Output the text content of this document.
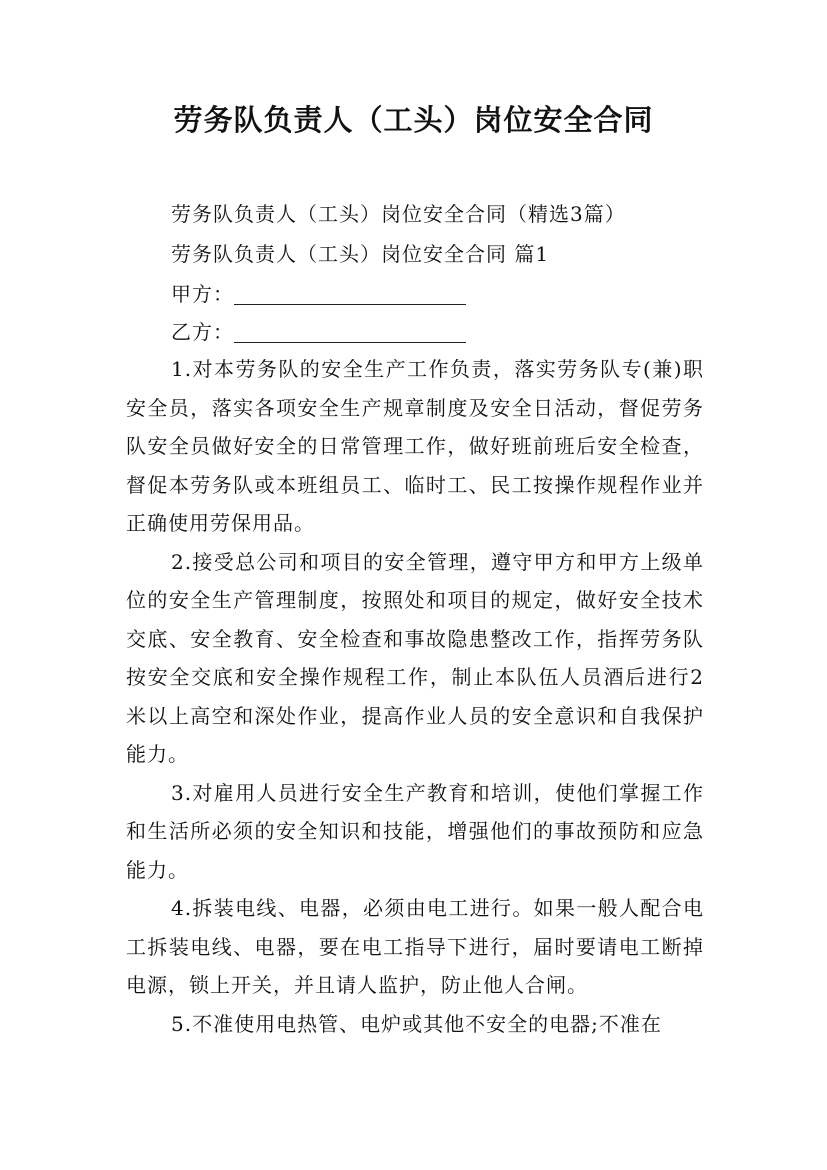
劳务队负责人（工头）岗位安全合同
劳务队负责人（工头）岗位安全合同（精选3篇）
劳务队负责人（工头）岗位安全合同 篇1
甲方：
乙方：

1.对本劳务队的安全生产工作负责，落实劳务队专(兼)职安全员，落实各项安全生产规章制度及安全日活动，督促劳务队安全员做好安全的日常管理工作，做好班前班后安全检查，督促本劳务队或本班组员工、临时工、民工按操作规程作业并正确使用劳保用品。

2.接受总公司和项目的安全管理，遵守甲方和甲方上级单位的安全生产管理制度，按照处和项目的规定，做好安全技术交底、安全教育、安全检查和事故隐患整改工作，指挥劳务队按安全交底和安全操作规程工作，制止本队伍人员酒后进行2米以上高空和深处作业，提高作业人员的安全意识和自我保护能力。

3.对雇用人员进行安全生产教育和培训，使他们掌握工作和生活所必须的安全知识和技能，增强他们的事故预防和应急能力。

4.拆装电线、电器，必须由电工进行。如果一般人配合电工拆装电线、电器，要在电工指导下进行，届时要请电工断掉电源，锁上开关，并且请人监护，防止他人合闸。

5.不准使用电热管、电炉或其他不安全的电器;不准在
